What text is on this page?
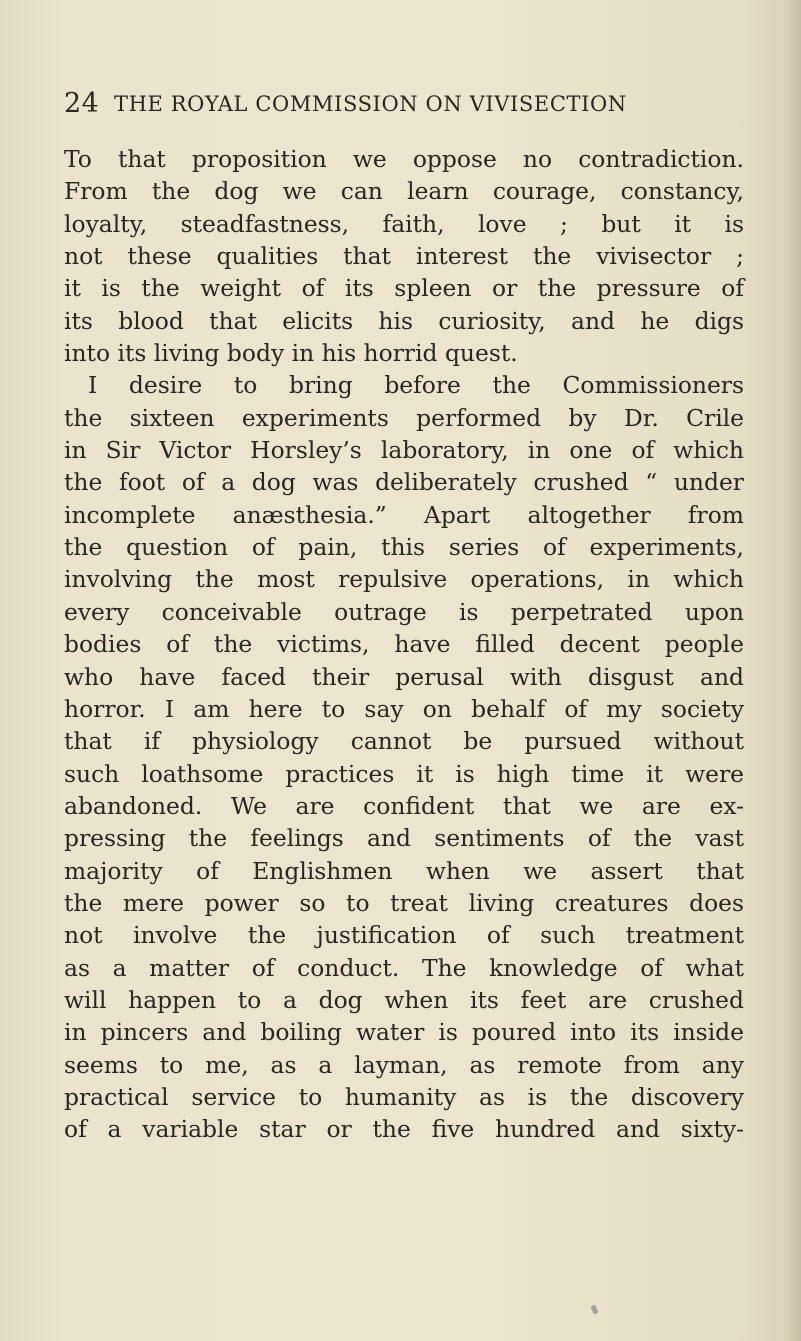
24 THE ROYAL COMMISSION ON VIVISECTION
To that proposition we oppose no contradiction.
From the dog we can learn courage, constancy,
loyalty, steadfastness, faith, love ; but it is
not these qualities that interest the vivisector ;
it is the weight of its spleen or the pressure of
its blood that elicits his curiosity, and he digs
into its living body in his horrid quest.
I desire to bring before the Commissioners
the sixteen experiments performed by Dr. Crile
in Sir Victor Horsley’s laboratory, in one of which
the foot of a dog was deliberately crushed “ under
incomplete anæsthesia.” Apart altogether from
the question of pain, this series of experiments,
involving the most repulsive operations, in which
every conceivable outrage is perpetrated upon
bodies of the victims, have filled decent people
who have faced their perusal with disgust and
horror. I am here to say on behalf of my society
that if physiology cannot be pursued without
such loathsome practices it is high time it were
abandoned. We are confident that we are ex-
pressing the feelings and sentiments of the vast
majority of Englishmen when we assert that
the mere power so to treat living creatures does
not involve the justification of such treatment
as a matter of conduct. The knowledge of what
will happen to a dog when its feet are crushed
in pincers and boiling water is poured into its inside
seems to me, as a layman, as remote from any
practical service to humanity as is the discovery
of a variable star or the five hundred and sixty-
